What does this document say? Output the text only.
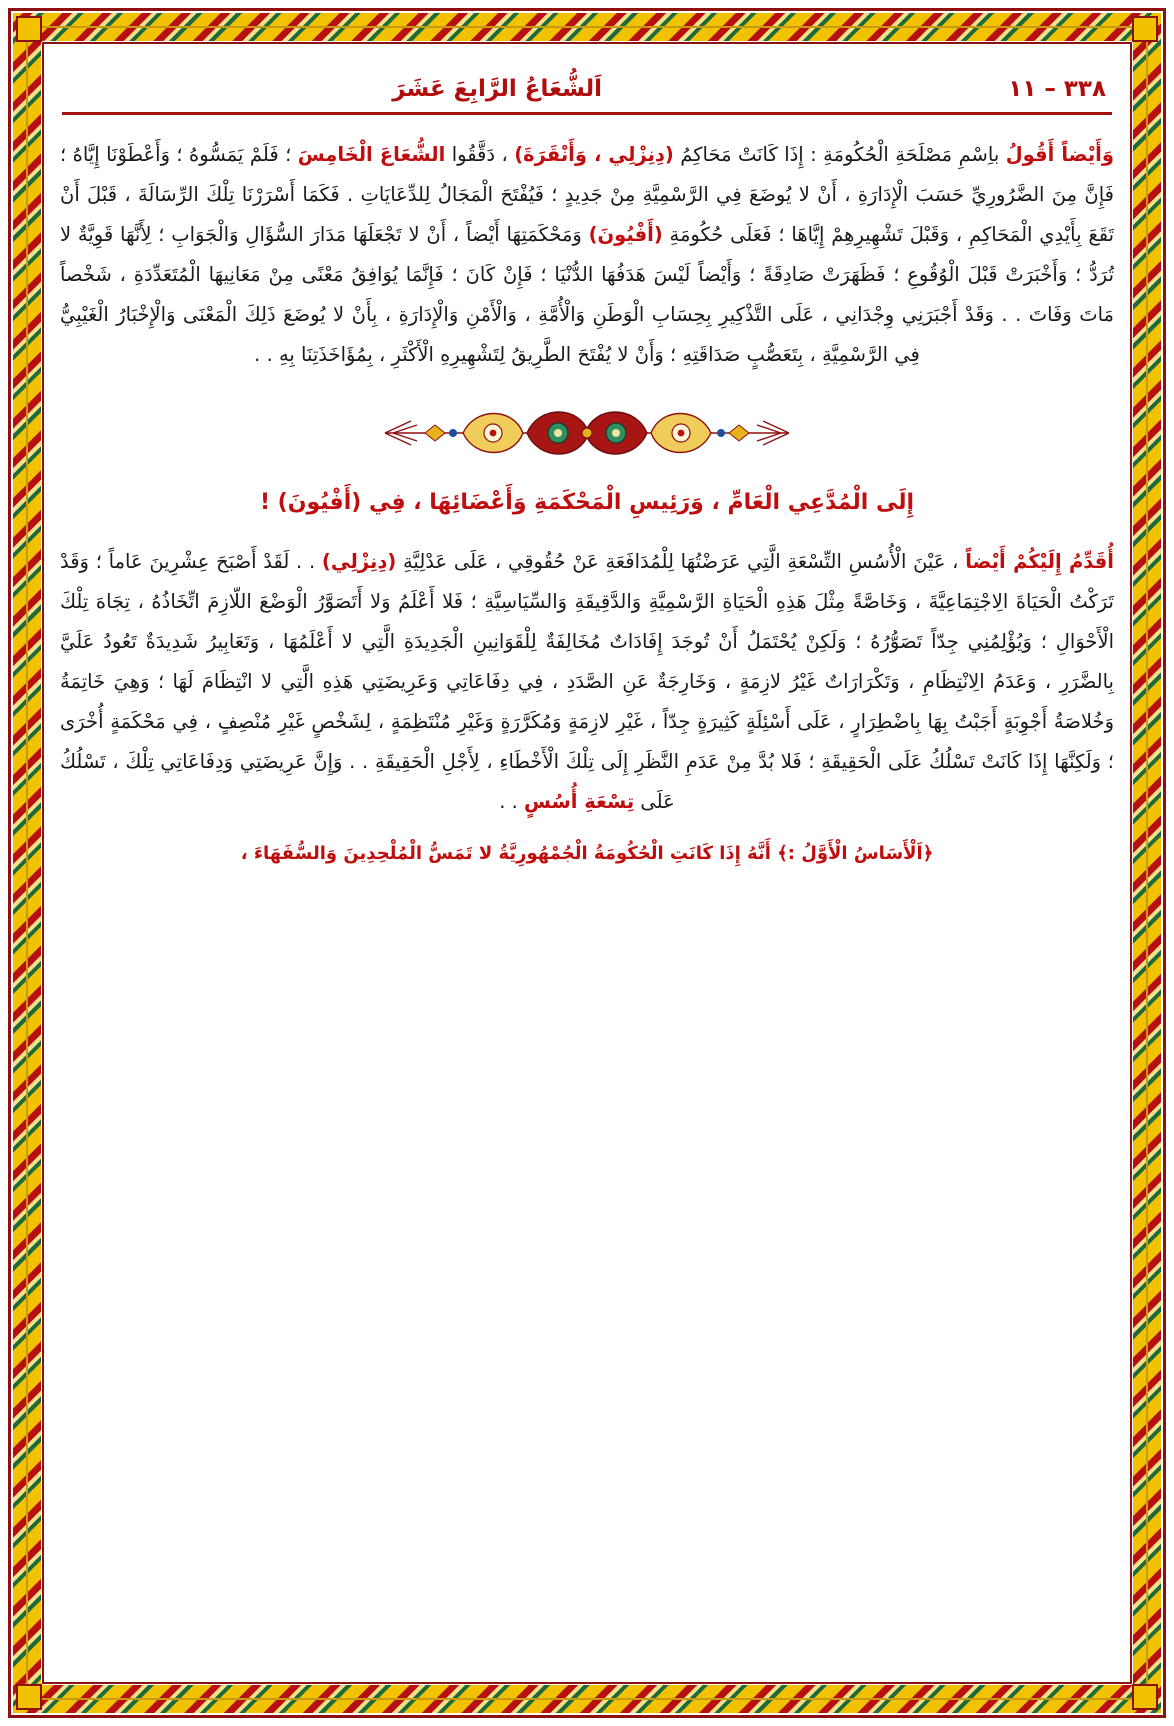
٣٣٨ – ١١
اَلشُّعَاعُ الرَّابِعَ عَشَرَ

وَأَيْضاً أَقُولُ باِسْمِ مَصْلَحَةِ الْحُكُومَةِ : إِذَا كَانَتْ مَحَاكِمُ (دِنِزْلِي ، وَأَنْقَرَةَ) ، دَقَّقُوا الشُّعَاعَ الْخَامِسَ ؛ فَلَمْ يَمَسُّوهُ ؛ وَأَعْطَوْنَا إِيَّاهُ ؛ فَإِنَّ مِنَ الضَّرُورِيِّ حَسَبَ الْإِدَارَةِ ، أَنْ لا يُوضَعَ فِي الرَّسْمِيَّةِ مِنْ جَدِيدٍ ؛ فَيُفْتَحَ الْمَجَالُ لِلدِّعَايَاتِ . فَكَمَا أَسْرَرْنَا تِلْكَ الرِّسَالَةَ ، قَبْلَ أَنْ تَقَعَ بِأَيْدِي الْمَحَاكِمِ ، وَقَبْلَ تَشْهِيرِهِمْ إِيَّاهَا ؛ فَعَلَى حُكُومَةِ (أَفْيُونَ) وَمَحْكَمَتِهَا أَيْضاً ، أَنْ لا تَجْعَلَهَا مَدَارَ السُّؤَالِ وَالْجَوَابِ ؛ لِأَنَّهَا قَوِيَّةٌ لا تُرَدُّ ؛ وَأَخْبَرَتْ قَبْلَ الْوُقُوعِ ؛ فَظَهَرَتْ صَادِقَةً ؛ وَأَيْضاً لَيْسَ هَدَفُهَا الدُّنْيَا ؛ فَإِنْ كَانَ ؛ فَإِنَّمَا يُوَافِقُ مَعْنًى مِنْ مَعَانِيهَا الْمُتَعَدِّدَةِ ، شَخْصاً مَاتَ وَفَاتَ . . وَقَدْ أَجْبَرَنِي وِجْدَانِي ، عَلَى التَّذْكِيرِ بِحِسَابِ الْوَطَنِ وَالْأُمَّةِ ، وَالْأَمْنِ وَالْإِدَارَةِ ، بِأَنْ لا يُوضَعَ ذَلِكَ الْمَعْنَى وَالْإِخْبَارُ الْغَيْبِيُّ فِي الرَّسْمِيَّةِ ، بِتَعَصُّبٍ صَدَاقَتِهِ ؛ وَأَنْ لا يُفْتَحَ الطَّرِيقُ لِتَشْهِيرِهِ الْأَكْثَرِ ، بِمُؤَاخَذَتِنَا بِهِ . .

إِلَى الْمُدَّعِي الْعَامِّ ، وَرَئِيسِ الْمَحْكَمَةِ وَأَعْضَائِهَا ، فِي (أَفْيُونَ) !

أُقَدِّمُ إِلَيْكُمْ أَيْضاً ، عَيْنَ الْأُسُسِ التِّسْعَةِ الَّتِي عَرَضْتُهَا لِلْمُدَافَعَةِ عَنْ حُقُوقِي ، عَلَى عَدْلِيَّةِ (دِنِزْلِي) . . لَقَدْ أَصْبَحَ عِشْرِينَ عَاماً ؛ وَقَدْ تَرَكْتُ الْحَيَاةَ الِاجْتِمَاعِيَّةَ ، وَخَاصَّةً مِثْلَ هَذِهِ الْحَيَاةِ الرَّسْمِيَّةِ وَالدَّقِيقَةِ وَالسِّيَاسِيَّةِ ؛ فَلا أَعْلَمُ وَلا أَتَصَوَّرُ الْوَضْعَ اللّازِمَ اتِّخَاذُهُ ، تِجَاهَ تِلْكَ الْأَحْوَالِ ؛ وَيُؤْلِمُنِي جِدّاً تَصَوُّرُهُ ؛ وَلَكِنْ يُحْتَمَلُ أَنْ تُوجَدَ إِفَادَاتٌ مُخَالِفَةٌ لِلْقَوَانِينِ الْجَدِيدَةِ الَّتِي لا أَعْلَمُهَا ، وَتَعَابِيرُ شَدِيدَةٌ تَعُودُ عَلَيَّ بِالضَّرَرِ ، وَعَدَمُ الِانْتِظَامِ ، وَتَكْرَارَاتٌ غَيْرُ لازِمَةٍ ، وَخَارِجَةٌ عَنِ الصَّدَدِ ، فِي دِفَاعَاتِي وَعَرِيضَتِي هَذِهِ الَّتِي لا انْتِظَامَ لَهَا ؛ وَهِيَ خَاتِمَةُ وَخُلاصَةُ أَجْوِبَةٍ أَجَبْتُ بِهَا بِاضْطِرَارٍ ، عَلَى أَسْئِلَةٍ كَثِيرَةٍ جِدّاً ، غَيْرِ لازِمَةٍ وَمُكَرَّرَةٍ وَغَيْرِ مُنْتَظِمَةٍ ، لِشَخْصٍ غَيْرِ مُنْصِفٍ ، فِي مَحْكَمَةٍ أُخْرَى ؛ وَلَكِنَّهَا إِذَا كَانَتْ تَسْلُكُ عَلَى الْحَقِيقَةِ ؛ فَلا بُدَّ مِنْ عَدَمِ النَّظَرِ إِلَى تِلْكَ الْأَخْطَاءِ ، لِأَجْلِ الْحَقِيقَةِ . . وَإِنَّ عَرِيضَتِي وَدِفَاعَاتِي تِلْكَ ، تَسْلُكُ عَلَى تِسْعَةِ أُسُسٍ . .

﴿اَلْأَسَاسُ الْأَوَّلُ :﴾ أَنَّهُ إِذَا كَانَتِ الْحُكُومَةُ الْجُمْهُورِيَّةُ لا تَمَسُّ الْمُلْحِدِينَ وَالسُّفَهَاءَ ،
